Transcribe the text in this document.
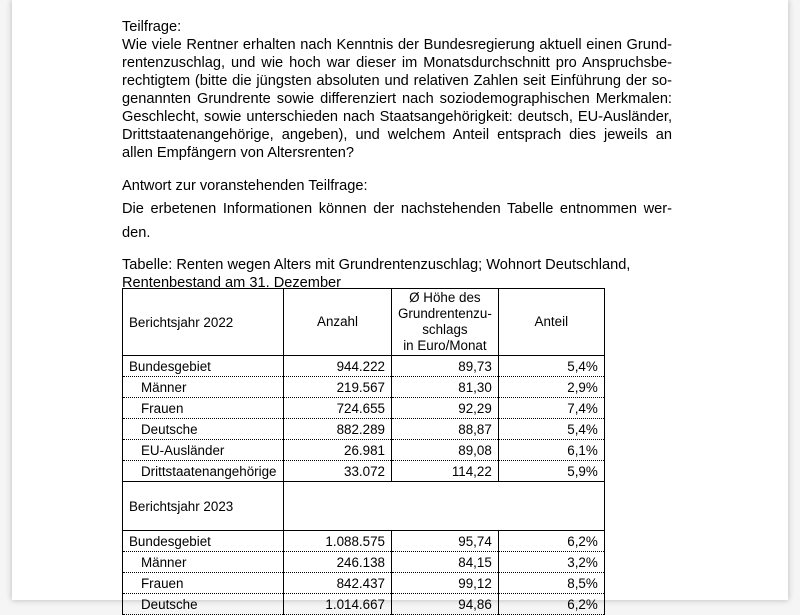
Teilfrage:
Wie viele Rentner erhalten nach Kenntnis der Bundesregierung aktuell einen Grundrentenzuschlag, und wie hoch war dieser im Monatsdurchschnitt pro Anspruchsberechtigtem (bitte die jüngsten absoluten und relativen Zahlen seit Einführung der sogenannten Grundrente sowie differenziert nach soziodemographischen Merkmalen: Geschlecht, sowie unterschieden nach Staatsangehörigkeit: deutsch, EU-Ausländer, Drittstaatenangehörige, angeben), und welchem Anteil entsprach dies jeweils an allen Empfängern von Altersrenten?
Antwort zur voranstehenden Teilfrage:
Die erbetenen Informationen können der nachstehenden Tabelle entnommen werden.
Tabelle: Renten wegen Alters mit Grundrentenzuschlag; Wohnort Deutschland, Rentenbestand am 31. Dezember
Berichtsjahr 2022	Anzahl	Ø Höhe des
Grundrentenzu-
schlags
in Euro/Monat	Anteil
Bundesgebiet	944.222	89,73	5,4%
Männer	219.567	81,30	2,9%
Frauen	724.655	92,29	7,4%
Deutsche	882.289	88,87	5,4%
EU-Ausländer	26.981	89,08	6,1%
Drittstaatenangehörige	33.072	114,22	5,9%
Berichtsjahr 2023			
Bundesgebiet	1.088.575	95,74	6,2%
Männer	246.138	84,15	3,2%
Frauen	842.437	99,12	8,5%
Deutsche	1.014.667	94,86	6,2%
